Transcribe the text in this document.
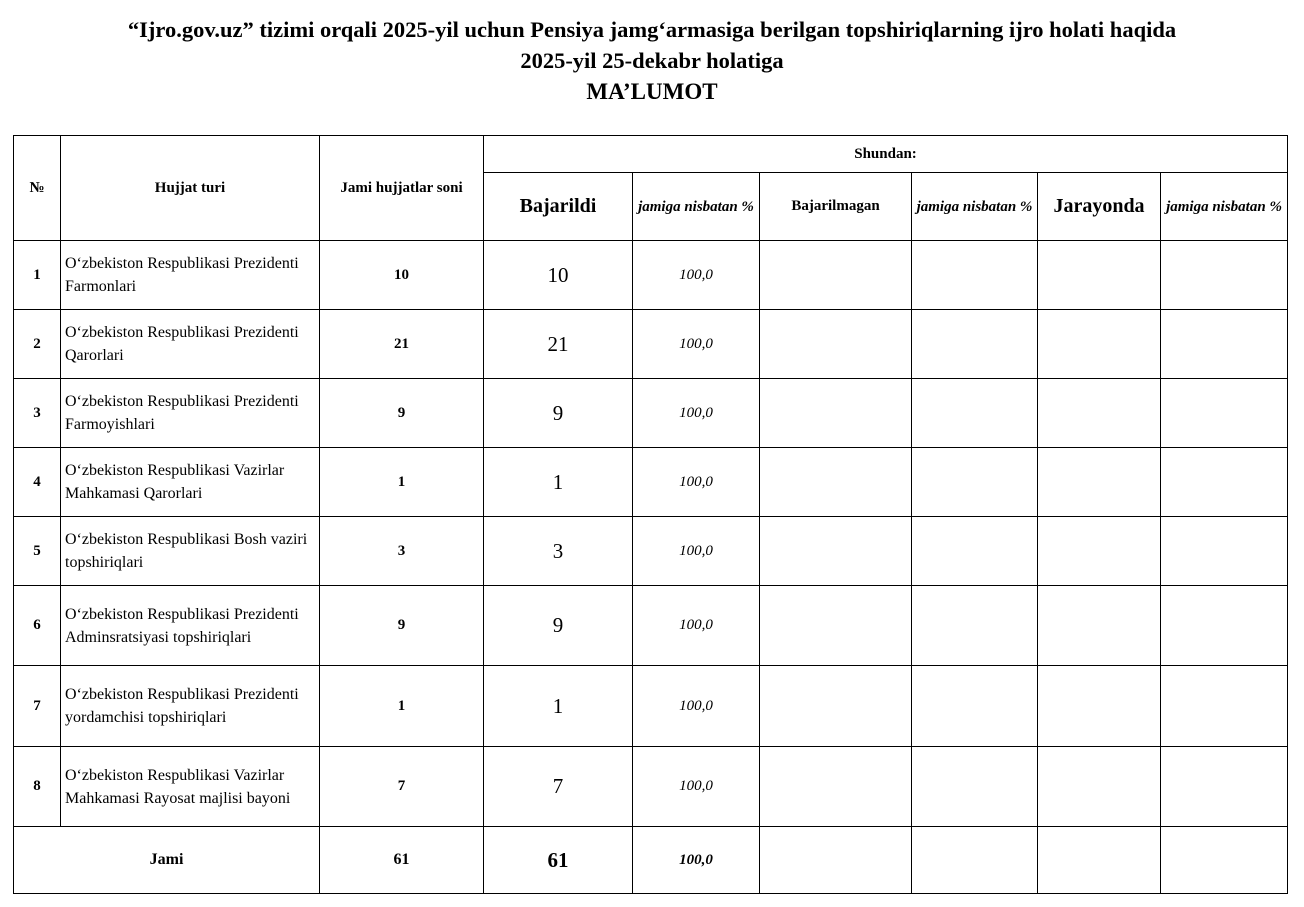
“Ijro.gov.uz” tizimi orqali 2025-yil uchun Pensiya jamg‘armasiga berilgan topshiriqlarning ijro holati haqida
2025-yil 25-dekabr holatiga
MA’LUMOT
№	Hujjat turi	Jami hujjatlar soni	Shundan:					
			Bajarildi	jamiga nisbatan %	Bajarilmagan	jamiga nisbatan %	Jarayonda	jamiga nisbatan %
1	O‘zbekiston Respublikasi Prezidenti Farmonlari	10	10	100,0				
2	O‘zbekiston Respublikasi Prezidenti Qarorlari	21	21	100,0				
3	O‘zbekiston Respublikasi Prezidenti Farmoyishlari	9	9	100,0				
4	O‘zbekiston Respublikasi Vazirlar Mahkamasi Qarorlari	1	1	100,0				
5	O‘zbekiston Respublikasi Bosh vaziri topshiriqlari	3	3	100,0				
6	O‘zbekiston Respublikasi Prezidenti Adminsratsiyasi topshiriqlari	9	9	100,0				
7	O‘zbekiston Respublikasi Prezidenti yordamchisi topshiriqlari	1	1	100,0				
8	O‘zbekiston Respublikasi Vazirlar Mahkamasi Rayosat majlisi bayoni	7	7	100,0				
Jami		61	61	100,0				
